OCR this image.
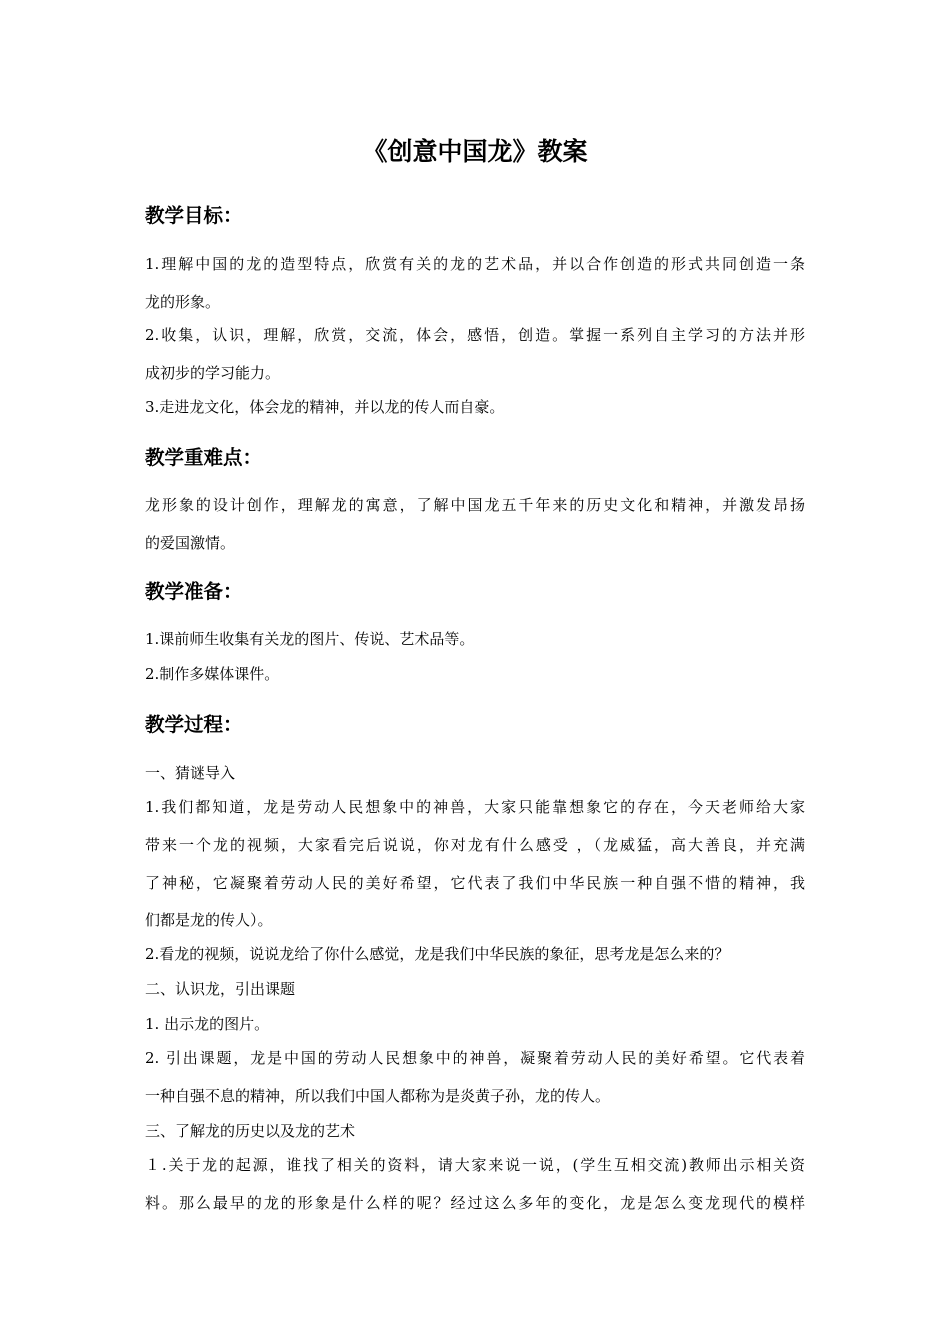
《创意中国龙》教案
教学目标：
1.理解中国的龙的造型特点，欣赏有关的龙的艺术品，并以合作创造的形式共同创造一条
龙的形象。
2.收集，认识，理解，欣赏，交流，体会，感悟，创造。掌握一系列自主学习的方法并形
成初步的学习能力。
3.走进龙文化，体会龙的精神，并以龙的传人而自豪。
教学重难点：
龙形象的设计创作，理解龙的寓意，了解中国龙五千年来的历史文化和精神，并激发昂扬
的爱国激情。
教学准备：
1.课前师生收集有关龙的图片、传说、艺术品等。
2.制作多媒体课件。
教学过程：
一、猜谜导入
1.我们都知道，龙是劳动人民想象中的神兽，大家只能靠想象它的存在，今天老师给大家
带来一个龙的视频，大家看完后说说，你对龙有什么感受 ，（龙威猛，高大善良，并充满
了神秘，它凝聚着劳动人民的美好希望，它代表了我们中华民族一种自强不惜的精神，我
们都是龙的传人）。
2.看龙的视频，说说龙给了你什么感觉，龙是我们中华民族的象征，思考龙是怎么来的？
二、认识龙，引出课题
1. 出示龙的图片。
2. 引出课题，龙是中国的劳动人民想象中的神兽，凝聚着劳动人民的美好希望。它代表着
一种自强不息的精神，所以我们中国人都称为是炎黄子孙，龙的传人。
三、了解龙的历史以及龙的艺术
１.关于龙的起源，谁找了相关的资料，请大家来说一说，(学生互相交流)教师出示相关资
料。那么最早的龙的形象是什么样的呢？经过这么多年的变化，龙是怎么变龙现代的模样
